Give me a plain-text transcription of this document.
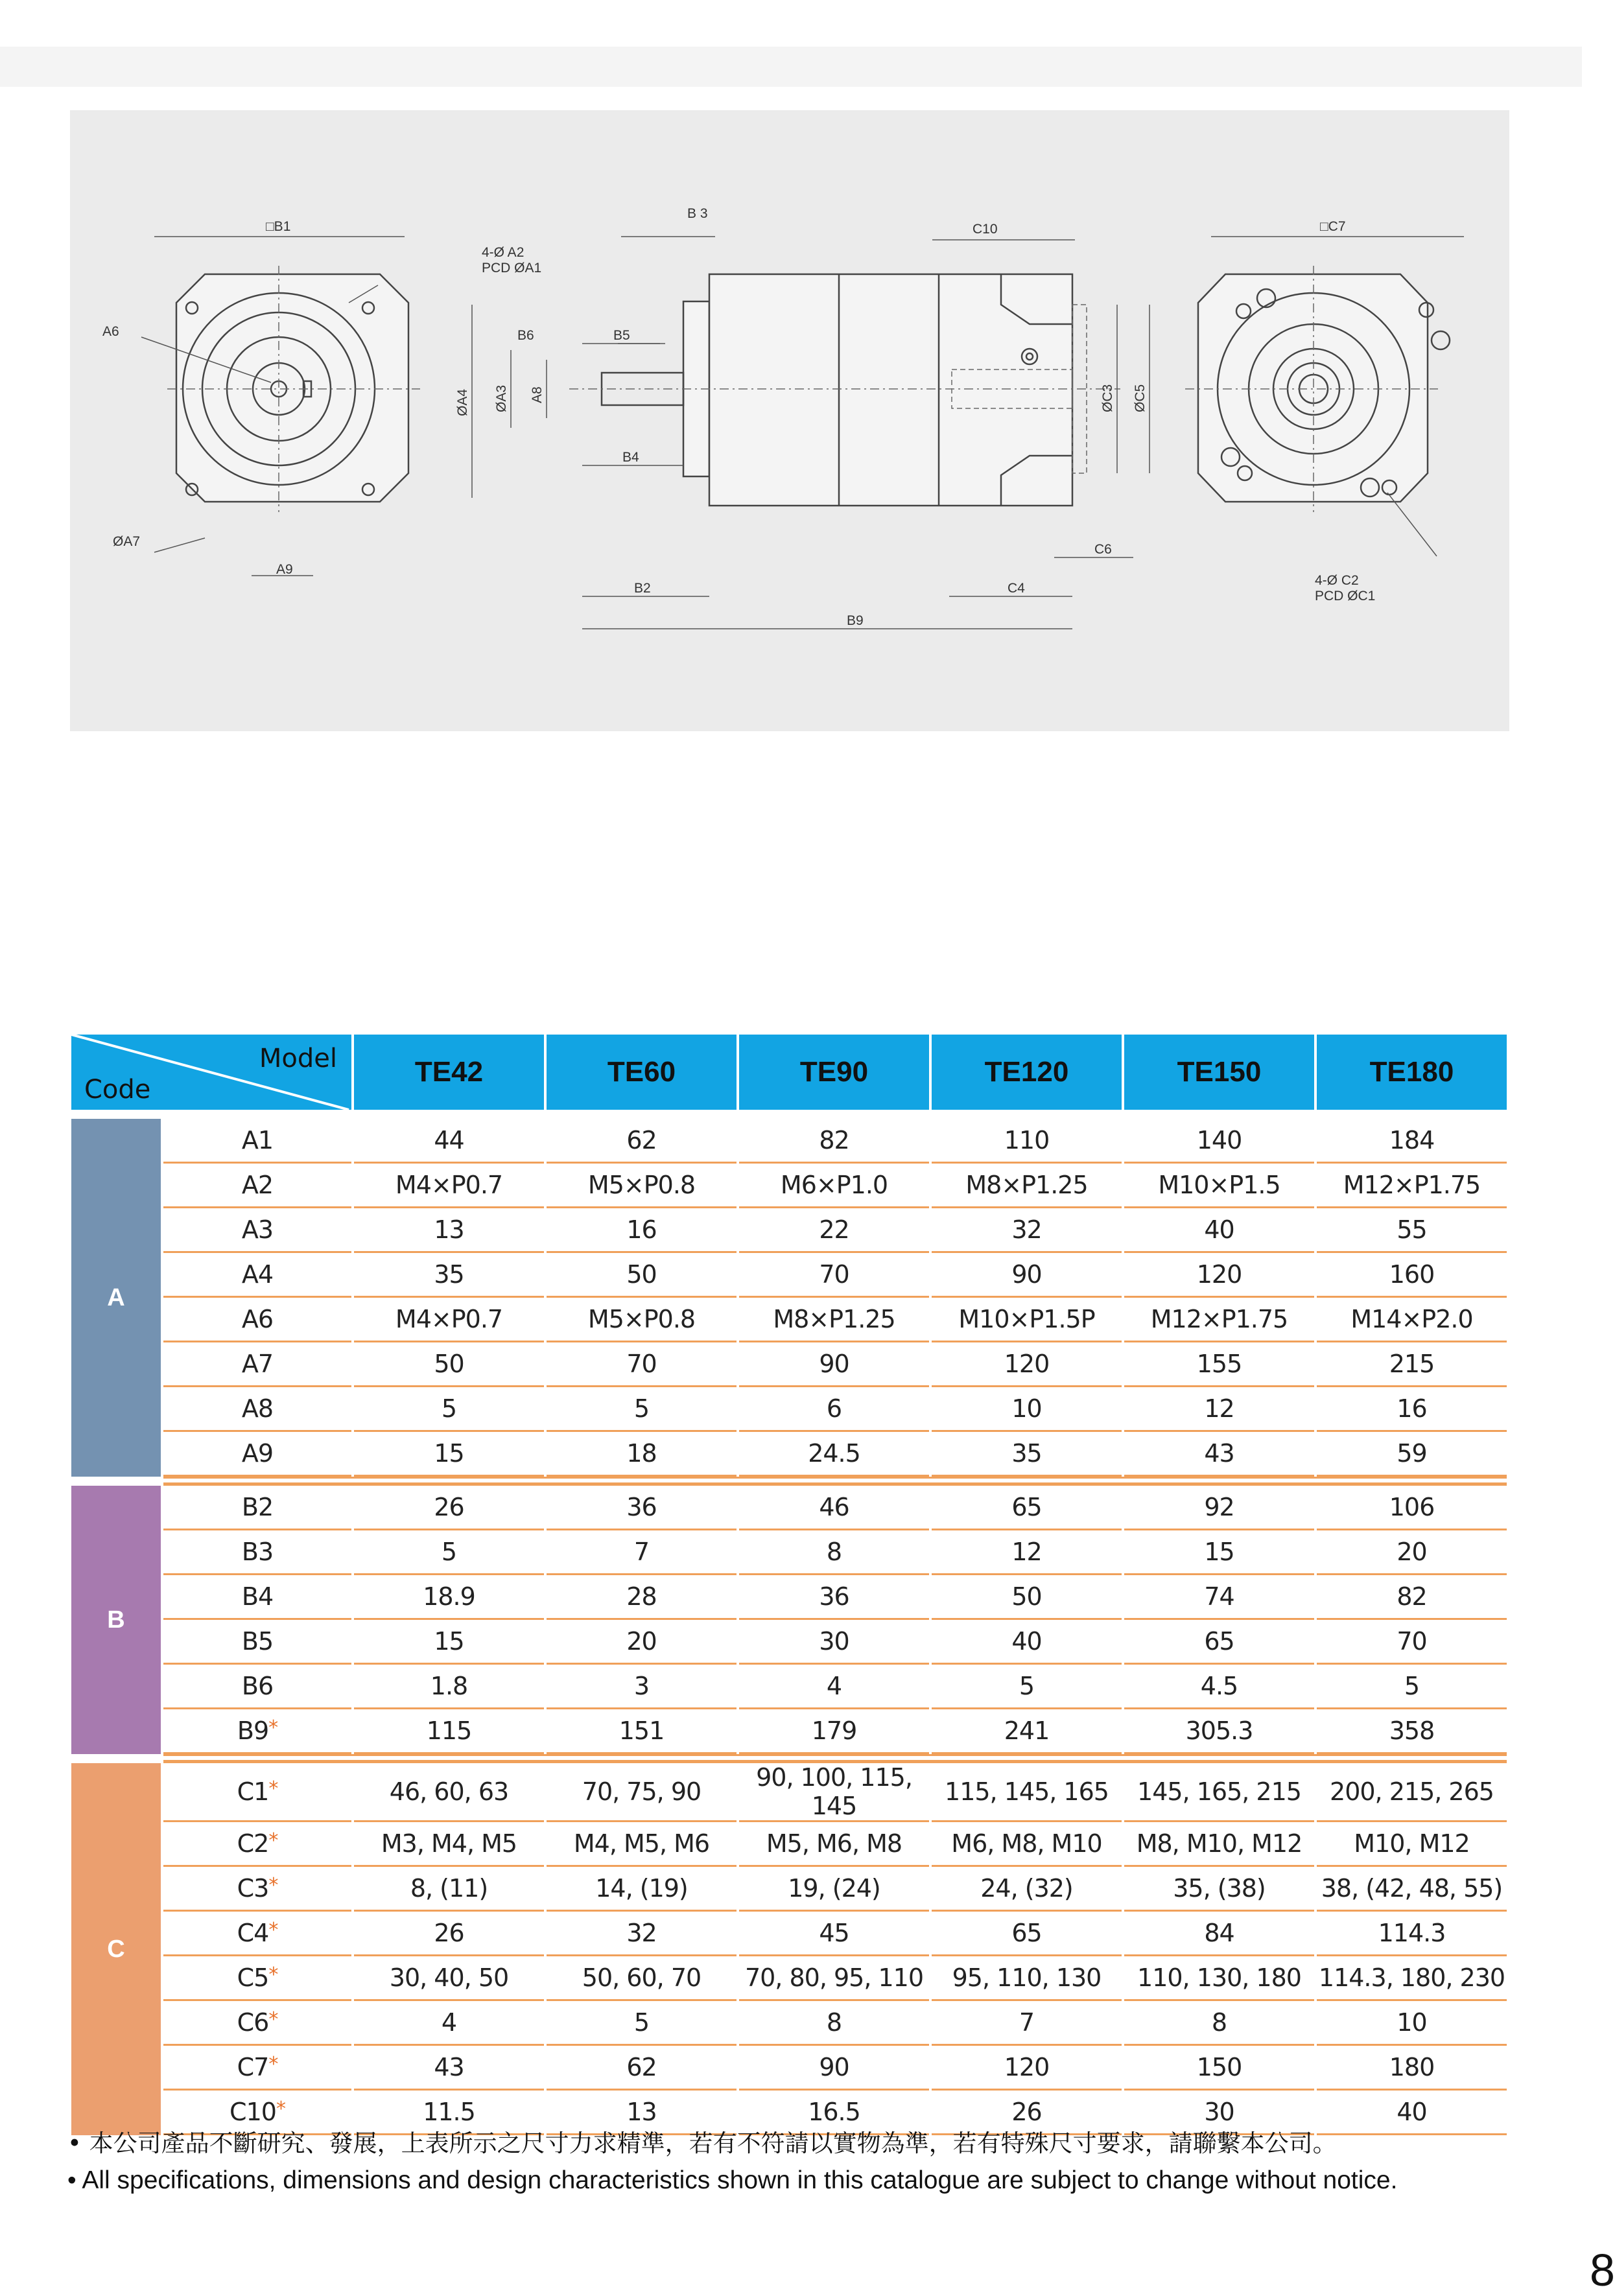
□B1	□C7
B 3
C10
4-Ø A2
PCD ØA1
A6
ØA7
A9
B6	B5
B4
B2
B9
C4
C6
4-Ø C2
PCD ØC1
ØA4 ØA3 A8	ØC3 ØC5
Model
Code		TE42	TE60	TE90	TE120	TE150	TE180

A	A1	44	62	82	110	140	184
	A2	M4×P0.7	M5×P0.8	M6×P1.0	M8×P1.25	M10×P1.5	M12×P1.75
	A3	13	16	22	32	40	55
	A4	35	50	70	90	120	160
	A6	M4×P0.7	M5×P0.8	M8×P1.25	M10×P1.5P	M12×P1.75	M14×P2.0
	A7	50	70	90	120	155	215
	A8	5	5	6	10	12	16
	A9	15	18	24.5	35	43	59

B	B2	26	36	46	65	92	106
	B3	5	7	8	12	15	20
	B4	18.9	28	36	50	74	82
	B5	15	20	30	40	65	70
	B6	1.8	3	4	5	4.5	5
	B9*	115	151	179	241	305.3	358

C	C1*	46, 60, 63	70, 75, 90	90, 100, 115, 145	115, 145, 165	145, 165, 215	200, 215, 265
	C2*	M3, M4, M5	M4, M5, M6	M5, M6, M8	M6, M8, M10	M8, M10, M12	M10, M12
	C3*	8, (11)	14, (19)	19, (24)	24, (32)	35, (38)	38, (42, 48, 55)
	C4*	26	32	45	65	84	114.3
	C5*	30, 40, 50	50, 60, 70	70, 80, 95, 110	95, 110, 130	110, 130, 180	114.3, 180, 230
	C6*	4	5	8	7	8	10
	C7*	43	62	90	120	150	180
	C10*	11.5	13	16.5	26	30	40
• 本公司產品不斷研究、發展，上表所示之尺寸力求精準，若有不符請以實物為準，若有特殊尺寸要求，請聯繫本公司。
• All specifications, dimensions and design characteristics shown in this catalogue are subject to change without notice.
8
